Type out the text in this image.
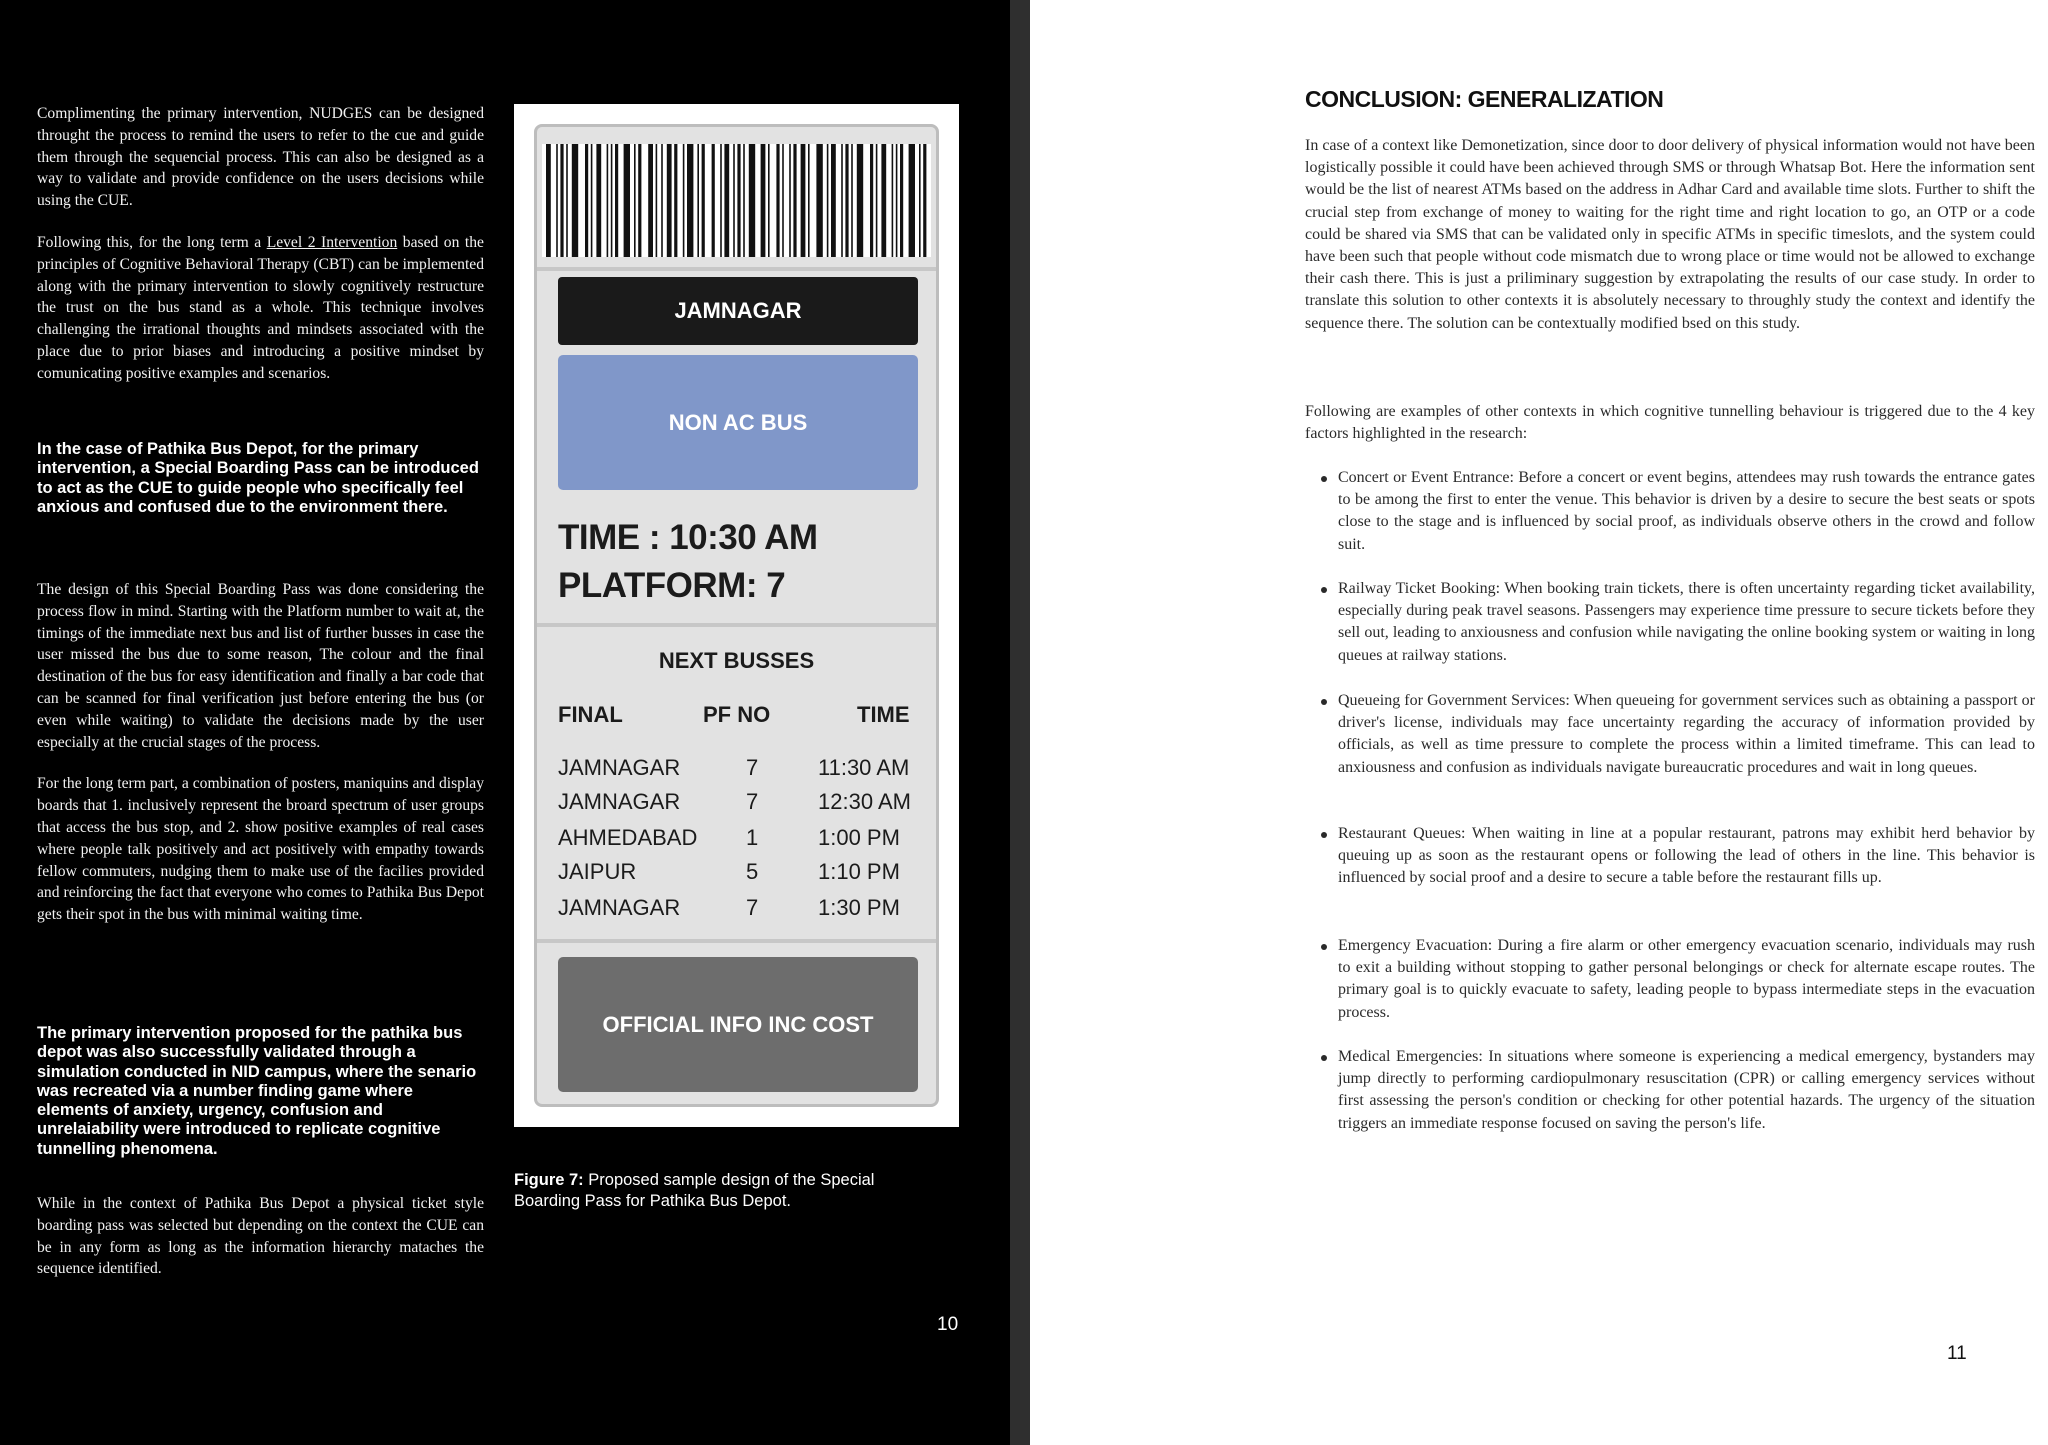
Complimenting the primary intervention, NUDGES can be designed throught the process to remind the users to refer to the cue and guide them through the sequencial process. This can also be designed as a way to validate and provide confidence on the users decisions while using the CUE.

Following this, for the long term a Level 2 Intervention based on the principles of Cognitive Behavioral Therapy (CBT) can be implemented along with the primary intervention to slowly cognitively restructure the trust on the bus stand as a whole. This technique involves challenging the irrational thoughts and mindsets associated with the place due to prior biases and introducing a positive mindset by comunicating positive examples and scenarios.

In the case of Pathika Bus Depot, for the primary intervention, a Special Boarding Pass can be introduced to act as the CUE to guide people who specifically feel anxious and confused due to the environment there.

The design of this Special Boarding Pass was done considering the process flow in mind. Starting with the Platform number to wait at, the timings of the immediate next bus and list of further busses in case the user missed the bus due to some reason, The colour and the final destination of the bus for easy identification and finally a bar code that can be scanned for final verification just before entering the bus (or even while waiting) to validate the decisions made by the user especially at the crucial stages of the process.

For the long term part, a combination of posters, maniquins and display boards that 1. inclusively represent the broard spectrum of user groups that access the bus stop, and 2. show positive examples of real cases where people talk positively and act positively with empathy towards fellow commuters, nudging them to make use of the facilies provided and reinforcing the fact that everyone who comes to Pathika Bus Depot gets their spot in the bus with minimal waiting time.

The primary intervention proposed for the pathika bus depot was also successfully validated through a simulation conducted in NID campus, where the senario was recreated via a number finding game where elements of anxiety, urgency, confusion and unrelaiability were introduced to replicate cognitive tunnelling phenomena.

While in the context of Pathika Bus Depot a physical ticket style boarding pass was selected but depending on the context the CUE can be in any form as long as the information hierarchy mataches the sequence identified.

JAMNAGAR
NON AC BUS
TIME : 10:30 AM
PLATFORM: 7
NEXT BUSSES
FINAL	PF NO	TIME
JAMNAGAR	7	11:30 AM
JAMNAGAR	7	12:30 AM
AHMEDABAD 1	1:00 PM
JAIPUR	5	1:10 PM
JAMNAGAR	7	1:30 PM
OFFICIAL INFO INC COST
Figure 7: Proposed sample design of the Special Boarding Pass for Pathika Bus Depot.
10
CONCLUSION: GENERALIZATION

In case of a context like Demonetization, since door to door delivery of physical information would not have been logistically possible it could have been achieved through SMS or through Whatsap Bot. Here the information sent would be the list of nearest ATMs based on the address in Adhar Card and available time slots. Further to shift the crucial step from exchange of money to waiting for the right time and right location to go, an OTP or a code could be shared via SMS that can be validated only in specific ATMs in specific timeslots, and the system could have been such that people without code mismatch due to wrong place or time would not be allowed to exchange their cash there. This is just a priliminary suggestion by extrapolating the results of our case study. In order to translate this solution to other contexts it is absolutely necessary to throughly study the context and identify the sequence there. The solution can be contextually modified bsed on this study.

Following are examples of other contexts in which cognitive tunnelling behaviour is triggered due to the 4 key factors highlighted in the research:

Concert or Event Entrance: Before a concert or event begins, attendees may rush towards the entrance gates to be among the first to enter the venue. This behavior is driven by a desire to secure the best seats or spots close to the stage and is influenced by social proof, as individuals observe others in the crowd and follow suit.

Railway Ticket Booking: When booking train tickets, there is often uncertainty regarding ticket availability, especially during peak travel seasons. Passengers may experience time pressure to secure tickets before they sell out, leading to anxiousness and confusion while navigating the online booking system or waiting in long queues at railway stations.

Queueing for Government Services: When queueing for government services such as obtaining a passport or driver's license, individuals may face uncertainty regarding the accuracy of information provided by officials, as well as time pressure to complete the process within a limited timeframe. This can lead to anxiousness and confusion as individuals navigate bureaucratic procedures and wait in long queues.

Restaurant Queues: When waiting in line at a popular restaurant, patrons may exhibit herd behavior by queuing up as soon as the restaurant opens or following the lead of others in the line. This behavior is influenced by social proof and a desire to secure a table before the restaurant fills up.

Emergency Evacuation: During a fire alarm or other emergency evacuation scenario, individuals may rush to exit a building without stopping to gather personal belongings or check for alternate escape routes. The primary goal is to quickly evacuate to safety, leading people to bypass intermediate steps in the evacuation process.

Medical Emergencies: In situations where someone is experiencing a medical emergency, bystanders may jump directly to performing cardiopulmonary resuscitation (CPR) or calling emergency services without first assessing the person's condition or checking for other potential hazards. The urgency of the situation triggers an immediate response focused on saving the person's life.

11
